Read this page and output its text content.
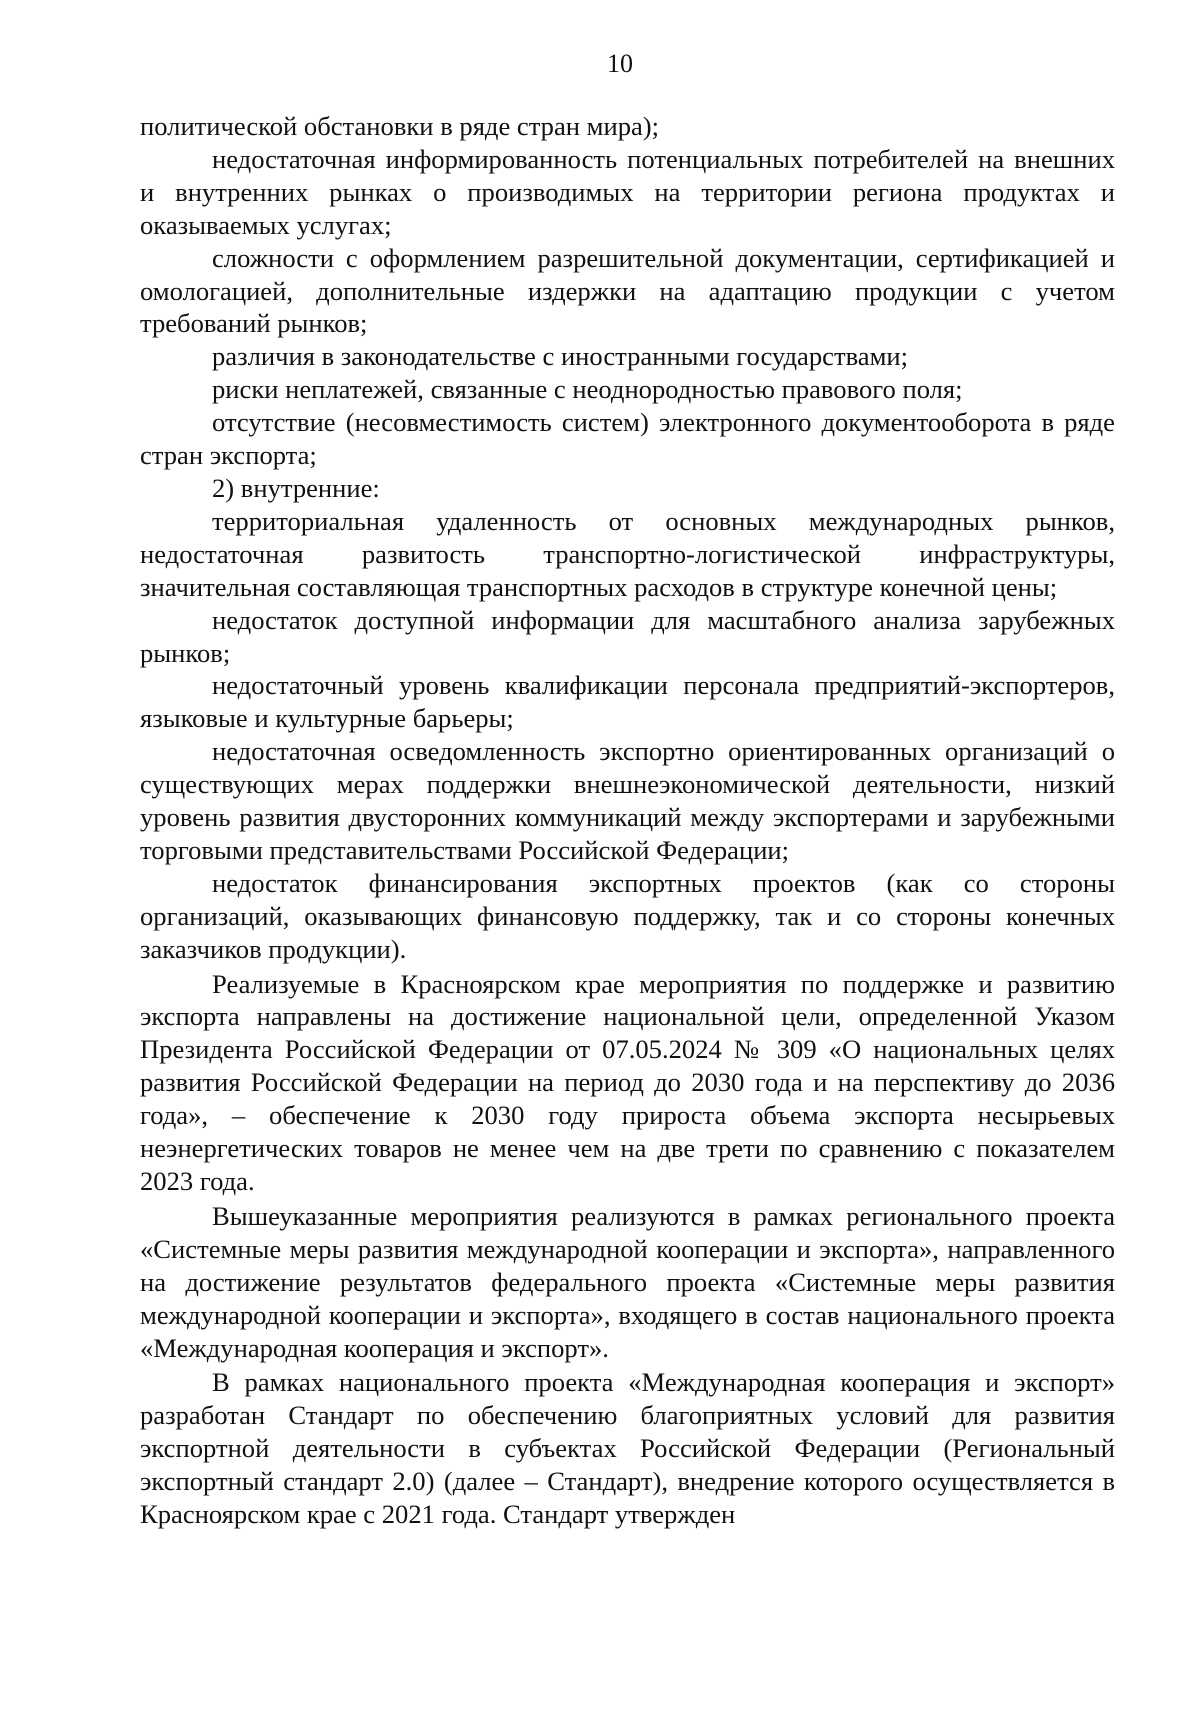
10

политической обстановки в ряде стран мира);

недостаточная информированность потенциальных потребителей на внешних и внутренних рынках о производимых на территории региона продуктах и оказываемых услугах;

сложности с оформлением разрешительной документации, сертификацией и омологацией, дополнительные издержки на адаптацию продукции с учетом требований рынков;

различия в законодательстве с иностранными государствами;

риски неплатежей, связанные с неоднородностью правового поля;

отсутствие (несовместимость систем) электронного документооборота в ряде стран экспорта;

2) внутренние:

территориальная удаленность от основных международных рынков, недостаточная развитость транспортно-логистической инфраструктуры, значительная составляющая транспортных расходов в структуре конечной цены;

недостаток доступной информации для масштабного анализа зарубежных рынков;

недостаточный уровень квалификации персонала предприятий-экспортеров, языковые и культурные барьеры;

недостаточная осведомленность экспортно ориентированных организаций о существующих мерах поддержки внешнеэкономической деятельности, низкий уровень развития двусторонних коммуникаций между экспортерами и зарубежными торговыми представительствами Российской Федерации;

недостаток финансирования экспортных проектов (как со стороны организаций, оказывающих финансовую поддержку, так и со стороны конечных заказчиков продукции).

Реализуемые в Красноярском крае мероприятия по поддержке и развитию экспорта направлены на достижение национальной цели, определенной Указом Президента Российской Федерации от 07.05.2024 № 309 «О национальных целях развития Российской Федерации на период до 2030 года и на перспективу до 2036 года», – обеспечение к 2030 году прироста объема экспорта несырьевых неэнергетических товаров не менее чем на две трети по сравнению с показателем 2023 года.

Вышеуказанные мероприятия реализуются в рамках регионального проекта «Системные меры развития международной кооперации и экспорта», направленного на достижение результатов федерального проекта «Системные меры развития международной кооперации и экспорта», входящего в состав национального проекта «Международная кооперация и экспорт».

В рамках национального проекта «Международная кооперация и экспорт» разработан Стандарт по обеспечению благоприятных условий для развития экспортной деятельности в субъектах Российской Федерации (Региональный экспортный стандарт 2.0) (далее – Стандарт), внедрение которого осуществляется в Красноярском крае с 2021 года. Стандарт утвержден
